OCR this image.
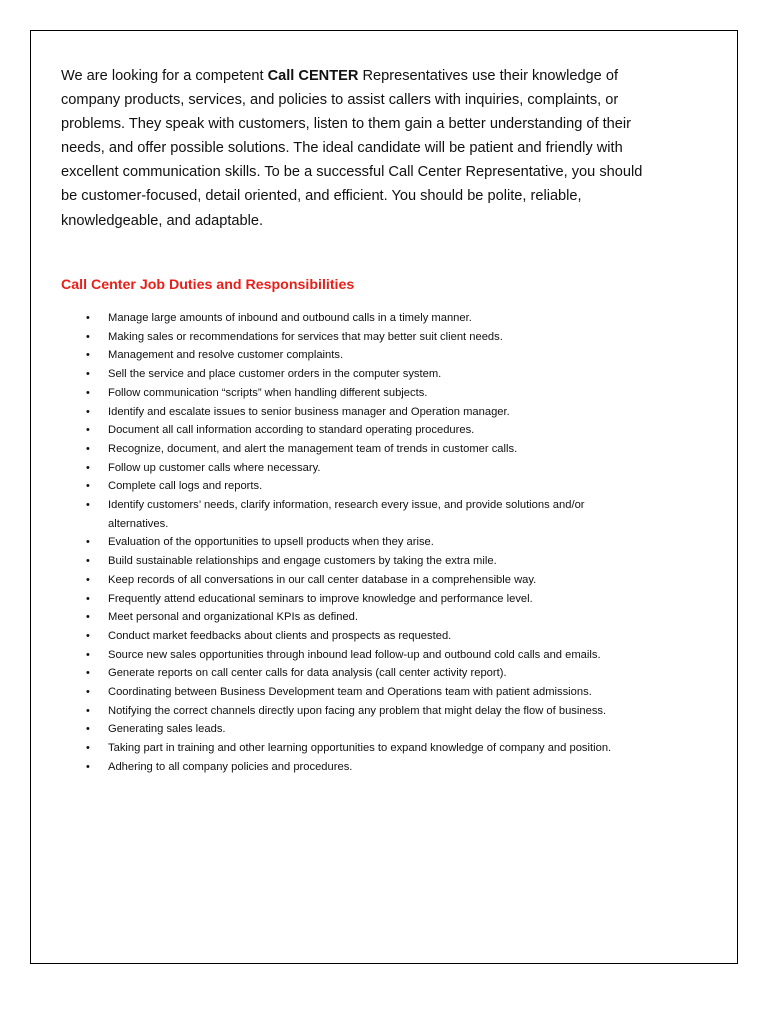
We are looking for a competent Call CENTER Representatives use their knowledge of company products, services, and policies to assist callers with inquiries, complaints, or problems. They speak with customers, listen to them gain a better understanding of their needs, and offer possible solutions. The ideal candidate will be patient and friendly with excellent communication skills. To be a successful Call Center Representative, you should be customer-focused, detail oriented, and efficient. You should be polite, reliable, knowledgeable, and adaptable.

Call Center Job Duties and Responsibilities
• Manage large amounts of inbound and outbound calls in a timely manner.
• Making sales or recommendations for services that may better suit client needs.
• Management and resolve customer complaints.
• Sell the service and place customer orders in the computer system.
• Follow communication “scripts” when handling different subjects.
• Identify and escalate issues to senior business manager and Operation manager.
• Document all call information according to standard operating procedures.
• Recognize, document, and alert the management team of trends in customer calls.
• Follow up customer calls where necessary.
• Complete call logs and reports.
• Identify customers’ needs, clarify information, research every issue, and provide solutions and/or alternatives.
• Evaluation of the opportunities to upsell products when they arise.
• Build sustainable relationships and engage customers by taking the extra mile.
• Keep records of all conversations in our call center database in a comprehensible way.
• Frequently attend educational seminars to improve knowledge and performance level.
• Meet personal and organizational KPIs as defined.
• Conduct market feedbacks about clients and prospects as requested.
• Source new sales opportunities through inbound lead follow-up and outbound cold calls and emails.
• Generate reports on call center calls for data analysis (call center activity report).
• Coordinating between Business Development team and Operations team with patient admissions.
• Notifying the correct channels directly upon facing any problem that might delay the flow of business.
• Generating sales leads.
• Taking part in training and other learning opportunities to expand knowledge of company and position.
• Adhering to all company policies and procedures.
